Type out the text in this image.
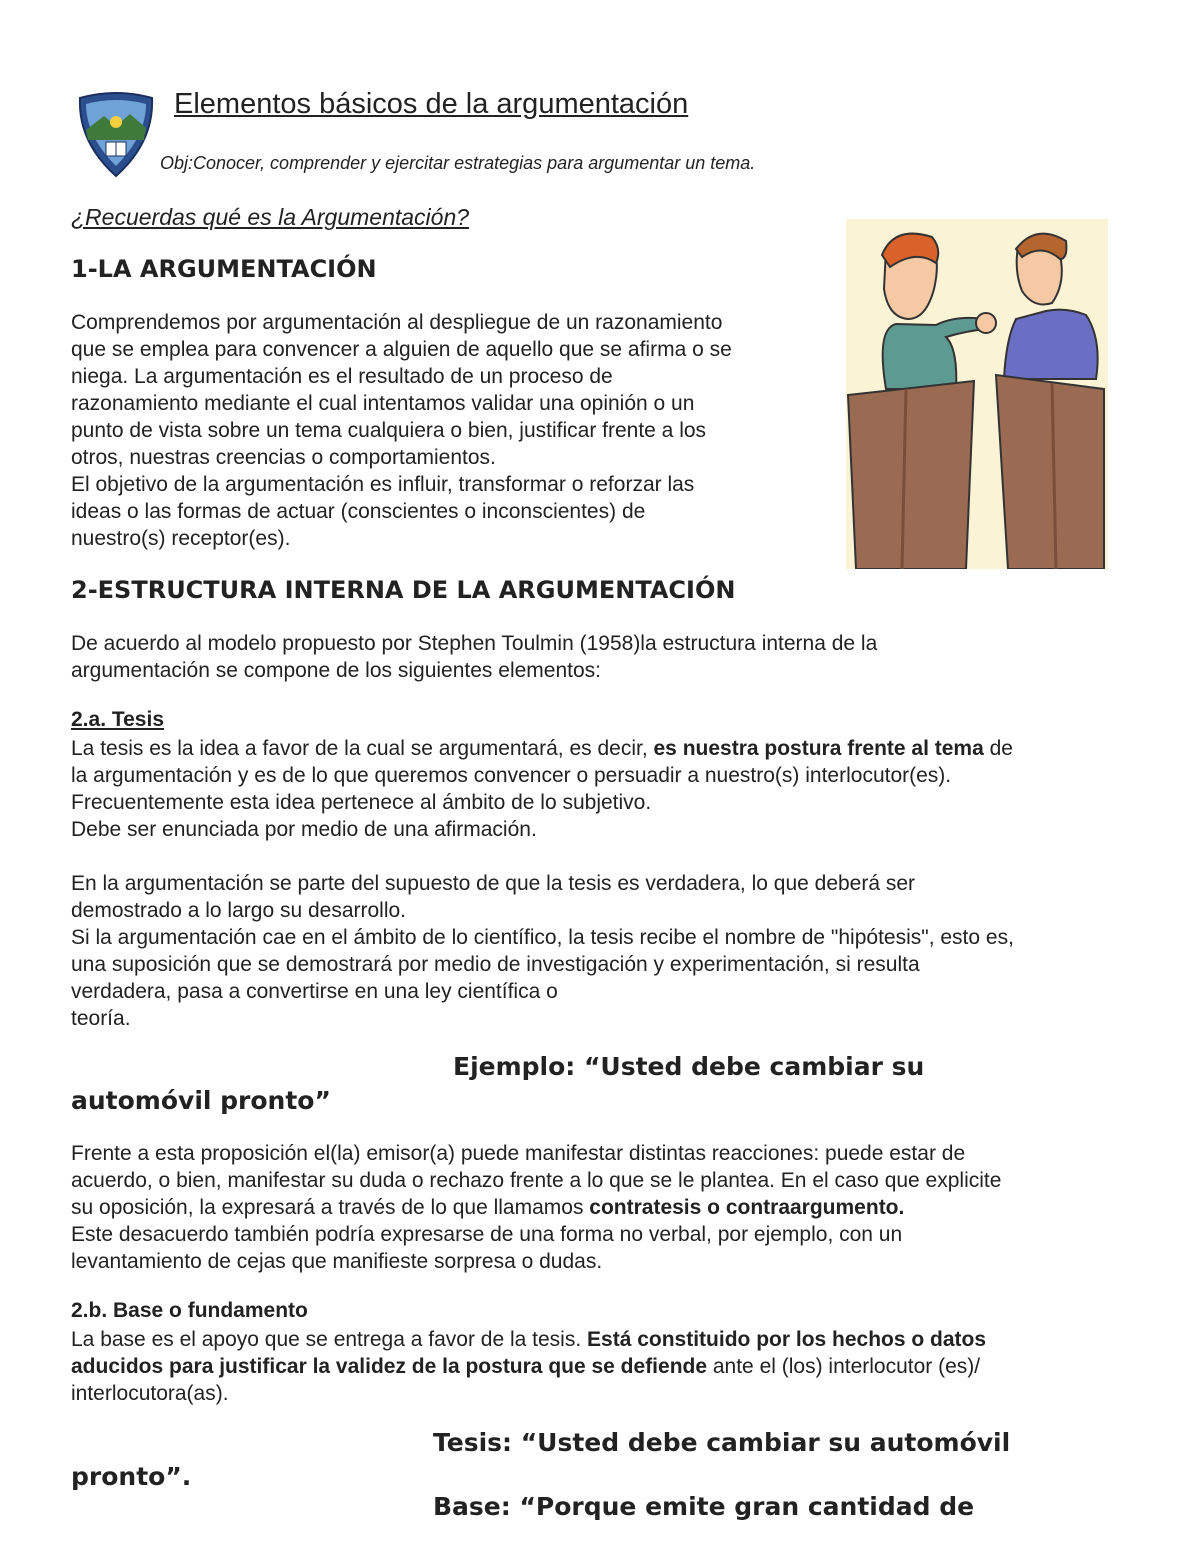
Elementos básicos de la argumentación
Obj:Conocer, comprender y ejercitar estrategias para argumentar un tema.
¿Recuerdas qué es la Argumentación?
1-LA ARGUMENTACIÓN

Comprendemos por argumentación al despliegue de un razonamiento

que se emplea para convencer a alguien de aquello que se afirma o se

niega. La argumentación es el resultado de un proceso de

razonamiento mediante el cual intentamos validar una opinión o un

punto de vista sobre un tema cualquiera o bien, justificar frente a los

otros, nuestras creencias o comportamientos.

El objetivo de la argumentación es influir, transformar o reforzar las

ideas o las formas de actuar (conscientes o inconscientes) de

nuestro(s) receptor(es).

2-ESTRUCTURA INTERNA DE LA ARGUMENTACIÓN

De acuerdo al modelo propuesto por Stephen Toulmin (1958)la estructura interna de la

argumentación se compone de los siguientes elementos:

2.a. Tesis

La tesis es la idea a favor de la cual se argumentará, es decir, es nuestra postura frente al tema de

la argumentación y es de lo que queremos convencer o persuadir a nuestro(s) interlocutor(es).

Frecuentemente esta idea pertenece al ámbito de lo subjetivo.

Debe ser enunciada por medio de una afirmación.

En la argumentación se parte del supuesto de que la tesis es verdadera, lo que deberá ser

demostrado a lo largo su desarrollo.

Si la argumentación cae en el ámbito de lo científico, la tesis recibe el nombre de "hipótesis", esto es,

una suposición que se demostrará por medio de investigación y experimentación, si resulta

verdadera, pasa a convertirse en una ley científica o

teoría.

Ejemplo: “Usted debe cambiar su
automóvil pronto”

Frente a esta proposición el(la) emisor(a) puede manifestar distintas reacciones: puede estar de

acuerdo, o bien, manifestar su duda o rechazo frente a lo que se le plantea. En el caso que explicite

su oposición, la expresará a través de lo que llamamos contratesis o contraargumento.

Este desacuerdo también podría expresarse de una forma no verbal, por ejemplo, con un

levantamiento de cejas que manifieste sorpresa o dudas.

2.b. Base o fundamento

La base es el apoyo que se entrega a favor de la tesis. Está constituido por los hechos o datos

aducidos para justificar la validez de la postura que se defiende ante el (los) interlocutor (es)/

interlocutora(as).

Tesis: “Usted debe cambiar su automóvil
pronto”.
Base: “Porque emite gran cantidad de
